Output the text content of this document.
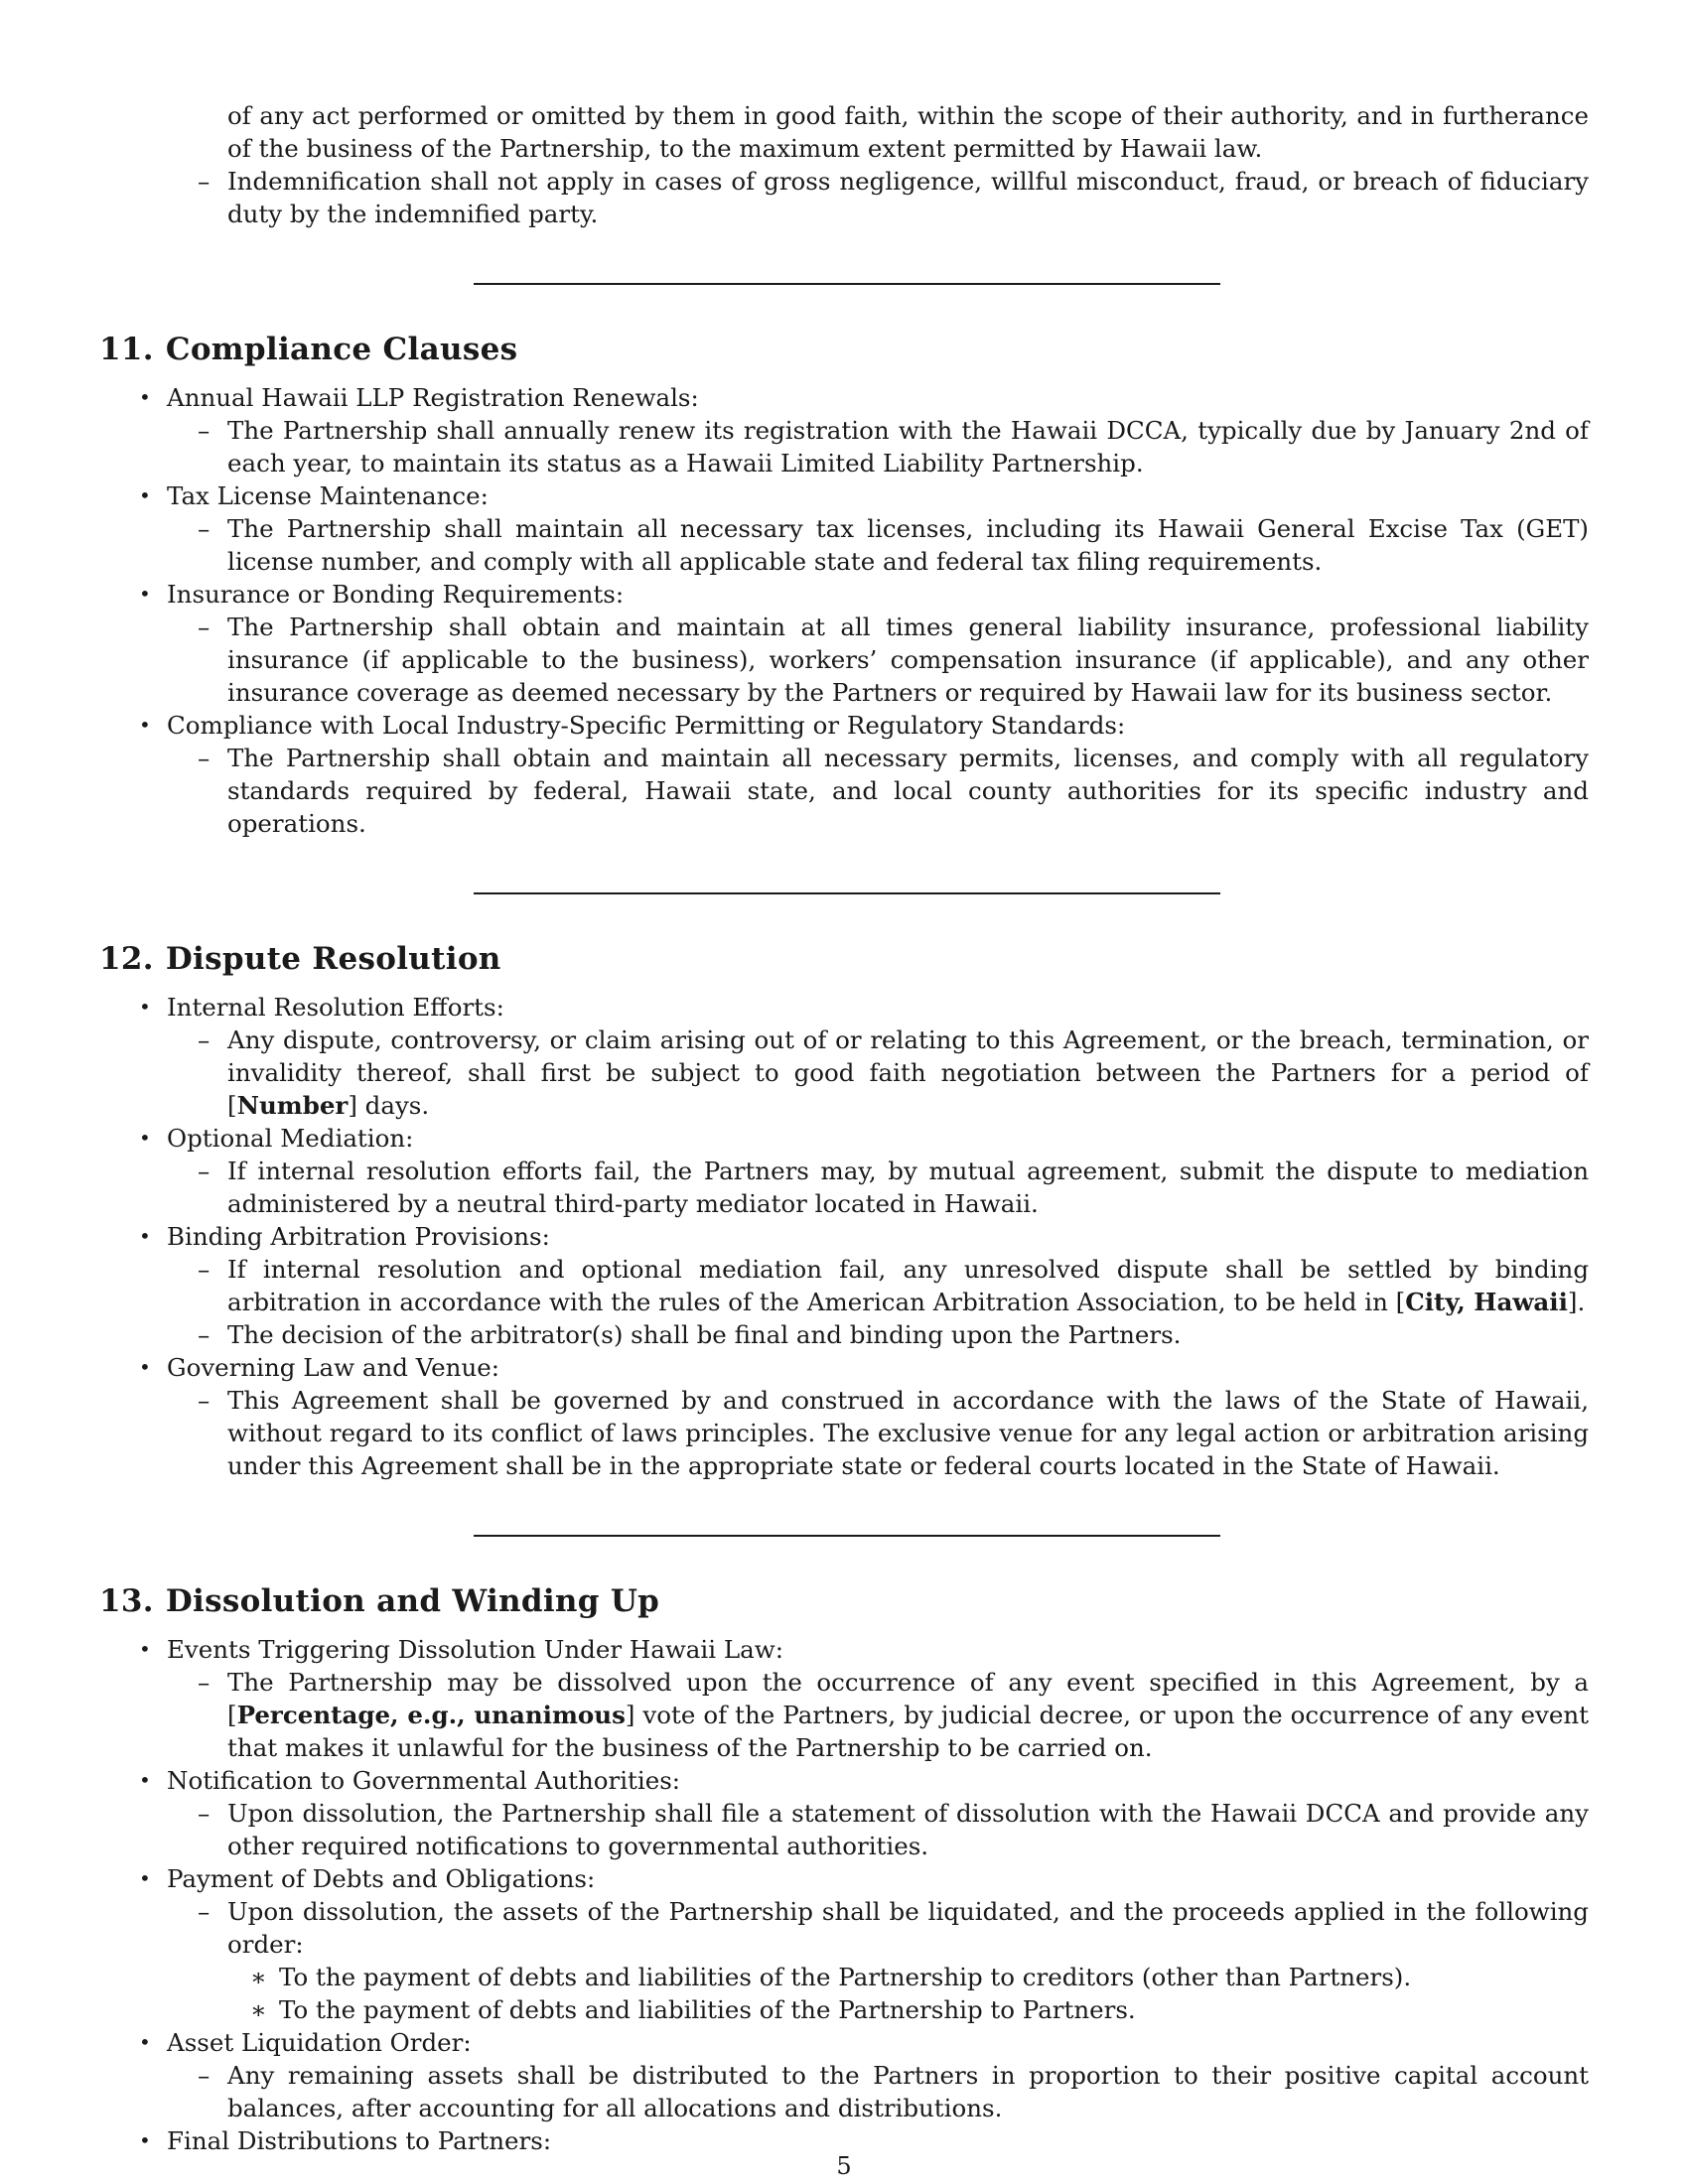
of any act performed or omitted by them in good faith, within the scope of their authority, and in furtherance of the business of the Partnership, to the maximum extent permitted by Hawaii law.

– Indemnification shall not apply in cases of gross negligence, willful misconduct, fraud, or breach of fiduciary duty by the indemnified party.
11. Compliance Clauses
• Annual Hawaii LLP Registration Renewals:
– The Partnership shall annually renew its registration with the Hawaii DCCA, typically due by January 2nd of each year, to maintain its status as a Hawaii Limited Liability Partnership.
• Tax License Maintenance:
– The Partnership shall maintain all necessary tax licenses, including its Hawaii General Excise Tax (GET) license number, and comply with all applicable state and federal tax filing requirements.
• Insurance or Bonding Requirements:
– The Partnership shall obtain and maintain at all times general liability insurance, professional liability insurance (if applicable to the business), workers’ compensation insurance (if applicable), and any other insurance coverage as deemed necessary by the Partners or required by Hawaii law for its business sector.
• Compliance with Local Industry-Specific Permitting or Regulatory Standards:
– The Partnership shall obtain and maintain all necessary permits, licenses, and comply with all regulatory standards required by federal, Hawaii state, and local county authorities for its specific industry and operations.
12. Dispute Resolution
• Internal Resolution Efforts:
– Any dispute, controversy, or claim arising out of or relating to this Agreement, or the breach, termination, or invalidity thereof, shall first be subject to good faith negotiation between the Partners for a period of [Number] days.
• Optional Mediation:
– If internal resolution efforts fail, the Partners may, by mutual agreement, submit the dispute to mediation administered by a neutral third-party mediator located in Hawaii.
• Binding Arbitration Provisions:
– If internal resolution and optional mediation fail, any unresolved dispute shall be settled by binding arbitration in accordance with the rules of the American Arbitration Association, to be held in [City, Hawaii].
– The decision of the arbitrator(s) shall be final and binding upon the Partners.
• Governing Law and Venue:
– This Agreement shall be governed by and construed in accordance with the laws of the State of Hawaii, without regard to its conflict of laws principles. The exclusive venue for any legal action or arbitration arising under this Agreement shall be in the appropriate state or federal courts located in the State of Hawaii.
13. Dissolution and Winding Up
• Events Triggering Dissolution Under Hawaii Law:
– The Partnership may be dissolved upon the occurrence of any event specified in this Agreement, by a [Percentage, e.g., unanimous] vote of the Partners, by judicial decree, or upon the occurrence of any event that makes it unlawful for the business of the Partnership to be carried on.
• Notification to Governmental Authorities:
– Upon dissolution, the Partnership shall file a statement of dissolution with the Hawaii DCCA and provide any other required notifications to governmental authorities.
• Payment of Debts and Obligations:
– Upon dissolution, the assets of the Partnership shall be liquidated, and the proceeds applied in the following order:
∗ To the payment of debts and liabilities of the Partnership to creditors (other than Partners).
∗ To the payment of debts and liabilities of the Partnership to Partners.
• Asset Liquidation Order:
– Any remaining assets shall be distributed to the Partners in proportion to their positive capital account balances, after accounting for all allocations and distributions.
• Final Distributions to Partners:
5
